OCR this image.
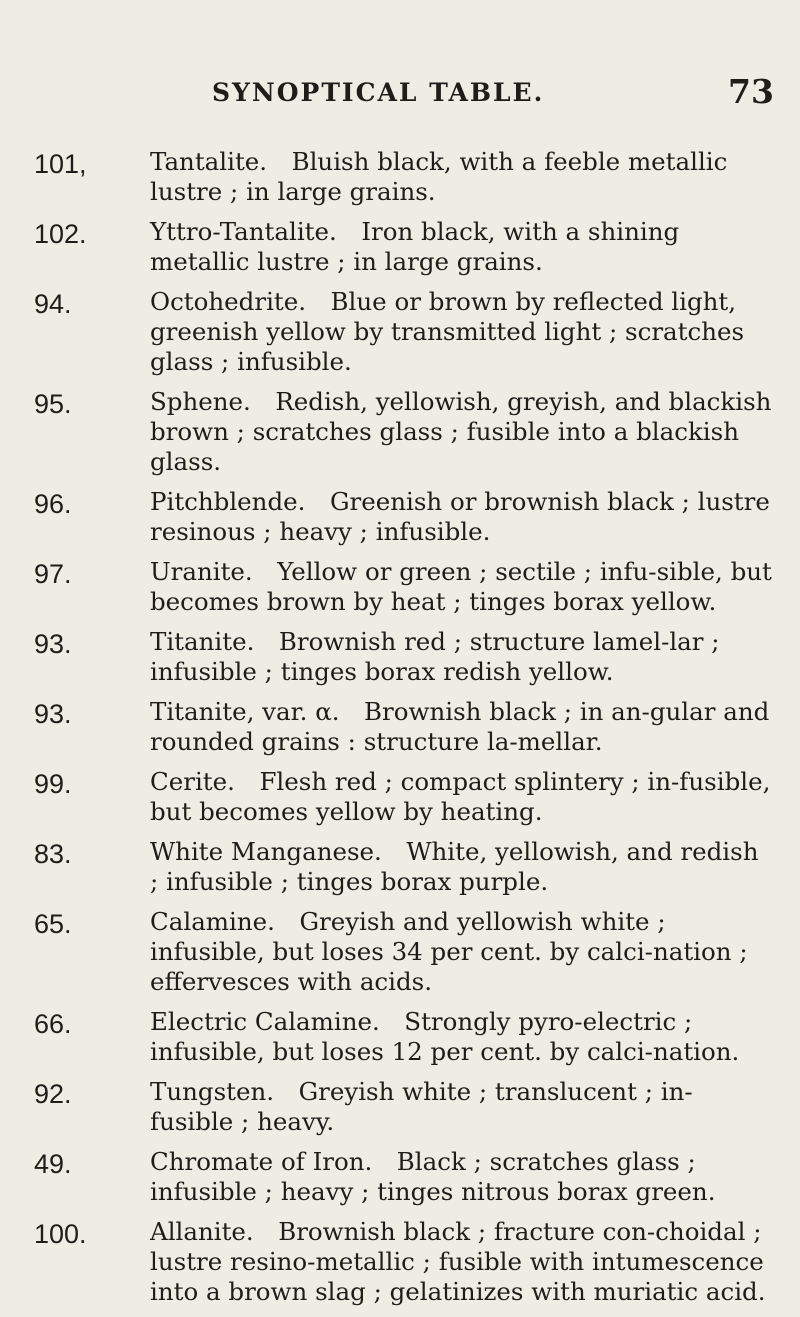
SYNOPTICAL TABLE.	73
101,	Tantalite.  Bluish black, with a feeble metallic lustre ; in large grains.
102.	Yttro-Tantalite.  Iron black, with a shining metallic lustre ; in large grains.
94.	Octohedrite.  Blue or brown by reflected light, greenish yellow by transmitted light ; scratches glass ; infusible.
95.	Sphene.  Redish, yellowish, greyish, and blackish brown ; scratches glass ; fusible into a blackish glass.
96.	Pitchblende.  Greenish or brownish black ; lustre resinous ; heavy ; infusible.
97.	Uranite.  Yellow or green ; sectile ; infu-sible, but becomes brown by heat ; tinges borax yellow.
93.	Titanite.  Brownish red ; structure lamel-lar ; infusible ; tinges borax redish yellow.
93.	Titanite, var. α.  Brownish black ; in an-gular and rounded grains : structure la-mellar.
99.	Cerite.  Flesh red ; compact splintery ; in-fusible, but becomes yellow by heating.
83.	White Manganese.  White, yellowish, and redish ; infusible ; tinges borax purple.
65.	Calamine.  Greyish and yellowish white ; infusible, but loses 34 per cent. by calci-nation ; effervesces with acids.
66.	Electric Calamine.  Strongly pyro-electric ; infusible, but loses 12 per cent. by calci-nation.
92.	Tungsten.  Greyish white ; translucent ; in-fusible ; heavy.
49.	Chromate of Iron.  Black ; scratches glass ; infusible ; heavy ; tinges nitrous borax green.
100.	Allanite.  Brownish black ; fracture con-choidal ; lustre resino-metallic ; fusible with intumescence into a brown slag ; gelatinizes with muriatic acid.
